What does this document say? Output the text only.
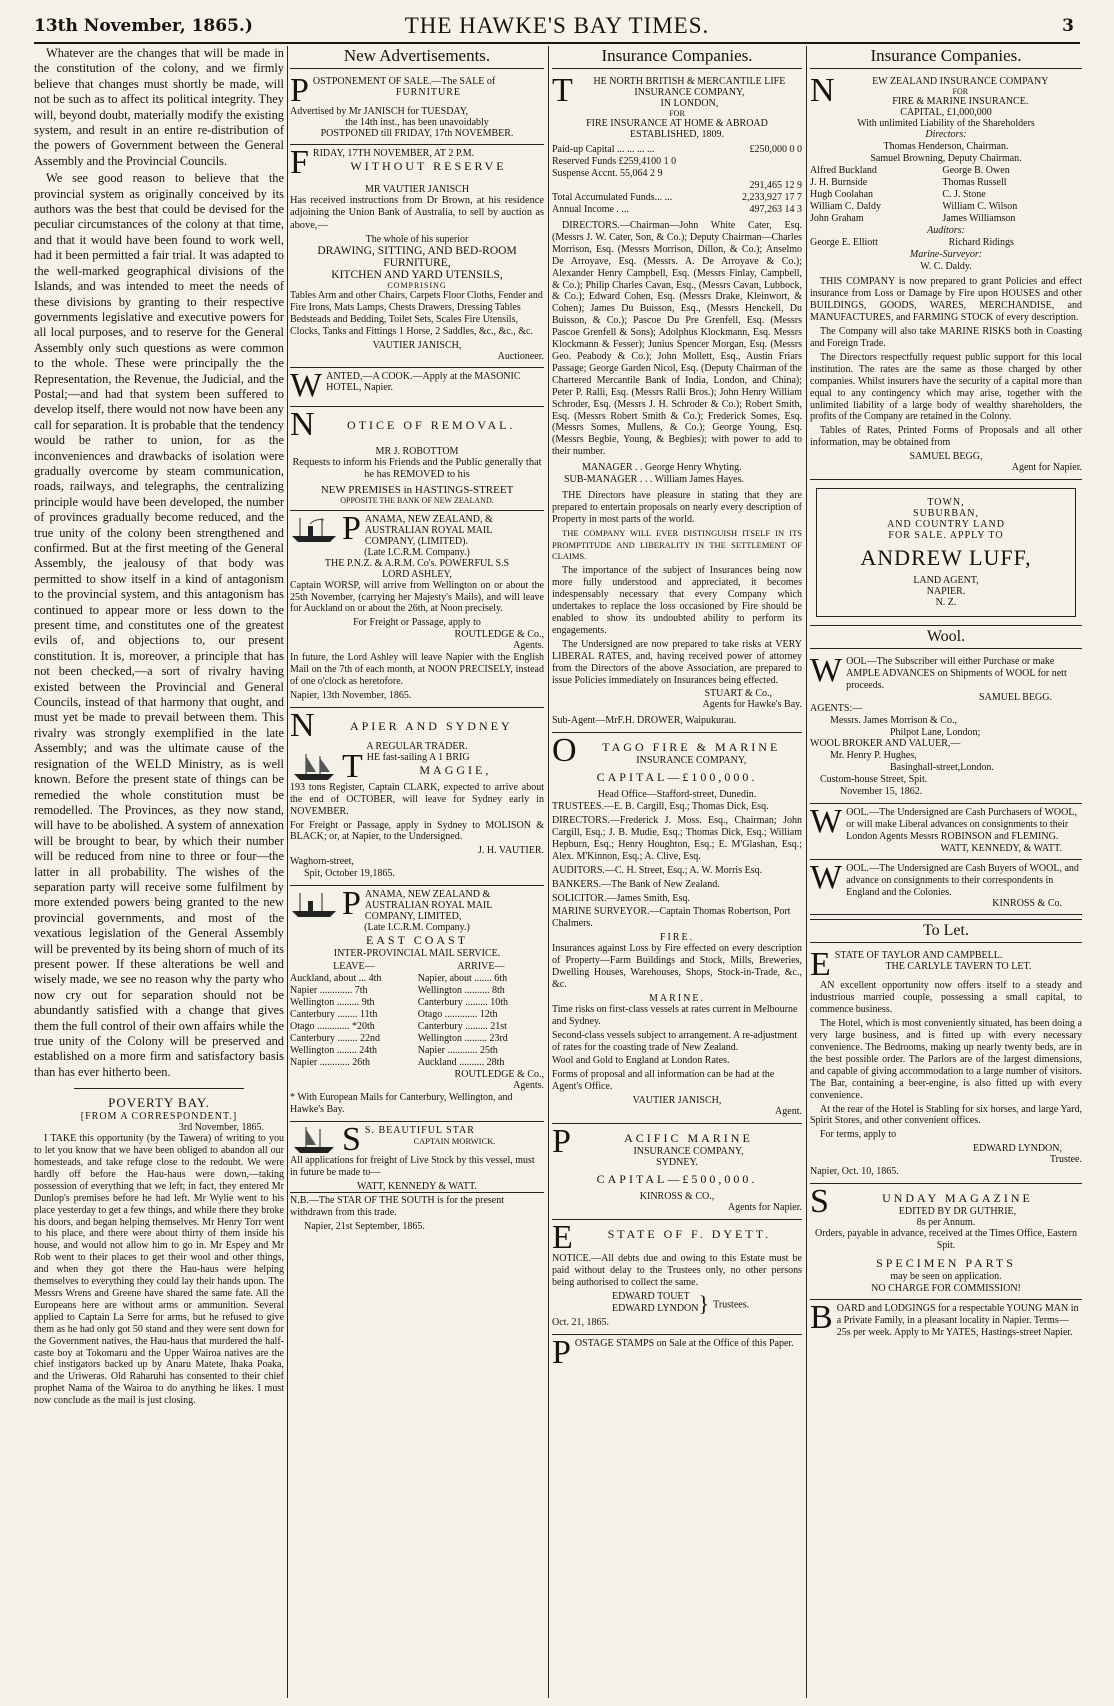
13th November, 1865.)	THE HAWKE'S BAY TIMES.	3

Whatever are the changes that will be made in the constitution of the colony, and we firmly believe that changes must shortly be made, will not be such as to affect its political integrity. They will, beyond doubt, materially modify the existing system, and result in an entire re-distribution of the powers of Government between the General Assembly and the Provincial Councils.

We see good reason to believe that the provincial system as originally conceived by its authors was the best that could be devised for the peculiar circumstances of the colony at that time, and that it would have been found to work well, had it been permitted a fair trial. It was adapted to the well-marked geographical divisions of the Islands, and was intended to meet the needs of these divisions by granting to their respective governments legislative and executive powers for all local purposes, and to reserve for the General Assembly only such questions as were common to the whole. These were principally the the Representation, the Revenue, the Judicial, and the Postal;—and had that system been suffered to develop itself, there would not now have been any call for separation. It is probable that the tendency would be rather to union, for as the inconveniences and drawbacks of isolation were gradually overcome by steam communication, roads, railways, and telegraphs, the centralizing principle would have been developed, the number of provinces gradually become reduced, and the true unity of the colony been strengthened and confirmed. But at the first meeting of the General Assembly, the jealousy of that body was permitted to show itself in a kind of antagonism to the provincial system, and this antagonism has continued to appear more or less down to the present time, and constitutes one of the greatest evils of, and objections to, our present constitution. It is, moreover, a principle that has not been checked,—a sort of rivalry having existed between the Provincial and General Councils, instead of that harmony that ought, and must yet be made to prevail between them. This rivalry was strongly exemplified in the late Assembly; and was the ultimate cause of the resignation of the WELD Ministry, as is well known. Before the present state of things can be remedied the whole constitution must be remodelled. The Provinces, as they now stand, will have to be abolished. A system of annexation will be brought to bear, by which their number will be reduced from nine to three or four—the latter in all probability. The wishes of the separation party will receive some fulfilment by more extended powers being granted to the new provincial governments, and most of the vexatious legislation of the General Assembly will be prevented by its being shorn of much of its present power. If these alterations be well and wisely made, we see no reason why the party who now cry out for separation should not be abundantly satisfied with a change that gives them the full control of their own affairs while the true unity of the Colony will be preserved and established on a more firm and satisfactory basis than has ever hitherto been.

POVERTY BAY.
[FROM A CORRESPONDENT.]
3rd November, 1865.

I TAKE this opportunity (by the Tawera) of writing to you to let you know that we have been obliged to abandon all our homesteads, and take refuge close to the redoubt. We were hardly off before the Hau-haus were down,—taking possession of everything that we left; in fact, they entered Mr Dunlop's premises before he had left. Mr Wylie went to his place yesterday to get a few things, and while there they broke his doors, and began helping themselves. Mr Henry Torr went to his place, and there were about thirty of them inside his house, and would not allow him to go in. Mr Espey and Mr Rob went to their places to get their wool and other things, and when they got there the Hau-haus were helping themselves to everything they could lay their hands upon. The Messrs Wrens and Greene have shared the same fate. All the Europeans here are without arms or ammunition. Several applied to Captain La Serre for arms, but he refused to give them as he had only got 50 stand and they were sent down for the Government natives, the Hau-haus that murdered the half-caste boy at Tokomaru and the Upper Wairoa natives are the chief instigators backed up by Anaru Matete, Ihaka Poaka, and the Uriweras. Old Raharuhi has consented to their chief prophet Nama of the Wairoa to do anything he likes. I must now conclude as the mail is just closing.

New Advertisements.
P OSTPONEMENT OF SALE.—The SALE of
FURNITURE
Advertised by Mr JANISCH for TUESDAY,
the 14th inst., has been unavoidably
POSTPONED till FRIDAY, 17th NOVEMBER.
F RIDAY, 17TH NOVEMBER, AT 2 P.M.
WITHOUT RESERVE
MR VAUTIER JANISCH

Has received instructions from Dr Brown, at his residence adjoining the Union Bank of Australia, to sell by auction as above,—

The whole of his superior
DRAWING, SITTING, AND BED-ROOM FURNITURE,
KITCHEN AND YARD UTENSILS,
COMPRISING

Tables Arm and other Chairs, Carpets Floor Cloths, Fender and Fire Irons, Mats Lamps, Chests Drawers, Dressing Tables Bedsteads and Bedding, Toilet Sets, Scales Fire Utensils, Clocks, Tanks and Fittings 1 Horse, 2 Saddles, &c., &c., &c.

VAUTIER JANISCH,
Auctioneer.
W ANTED,—A COOK.—Apply at the MASONIC HOTEL, Napier.
N	OTICE OF REMOVAL.
MR J. ROBOTTOM

Requests to inform his Friends and the Public generally that he has REMOVED to his

NEW PREMISES in HASTINGS-STREET
OPPOSITE THE BANK OF NEW ZEALAND.
P ANAMA, NEW ZEALAND, & AUSTRALIAN ROYAL MAIL COMPANY, (LIMITED).
(Late I.C.R.M. Company.)
THE P.N.Z. & A.R.M. Co's. POWERFUL S.S
LORD ASHLEY,

Captain WORSP, will arrive from Wellington on or about the 25th November, (carrying her Majesty's Mails), and will leave for Auckland on or about the 26th, at Noon precisely.

For Freight or Passage, apply to
ROUTLEDGE & Co.,
Agents.

In future, the Lord Ashley will leave Napier with the English Mail on the 7th of each month, at NOON PRECISELY, instead of one o'clock as heretofore.

Napier, 13th November, 1865.
N	APIER AND SYDNEY
A REGULAR TRADER.
T HE fast-sailing A 1 BRIG
MAGGIE,

193 tons Register, Captain CLARK, expected to arrive about the end of OCTOBER, will leave for Sydney early in NOVEMBER.

For Freight or Passage, apply in Sydney to MOLISON & BLACK; or, at Napier, to the Undersigned.

J. H. VAUTIER.
Waghorn-street,
Spit, October 19,1865.
P ANAMA, NEW ZEALAND & AUSTRALIAN ROYAL MAIL COMPANY, LIMITED,
(Late I.C.R.M. Company.)
EAST COAST
INTER-PROVINCIAL MAIL SERVICE.
LEAVE—	ARRIVE—
Auckland, about ... 4th	Napier, about ....... 6th
Napier ............. 7th	Wellington .......... 8th
Wellington ......... 9th	Canterbury ......... 10th
Canterbury ........ 11th	Otago ............. 12th
Otago ............. *20th	Canterbury ......... 21st
Canterbury ........ 22nd	Wellington ......... 23rd
Wellington ........ 24th	Napier ............ 25th
Napier ............ 26th	Auckland .......... 28th
ROUTLEDGE & Co.,
Agents.
* With European Mails for Canterbury, Wellington, and Hawke's Bay.
S S. BEAUTIFUL STAR
CAPTAIN MORWICK.

All applications for freight of Live Stock by this vessel, must in future be made to—

WATT, KENNEDY & WATT.

N.B.—The STAR OF THE SOUTH is for the present withdrawn from this trade.

Napier, 21st September, 1865.
Insurance Companies.
T	HE NORTH BRITISH & MERCANTILE LIFE INSURANCE COMPANY,
IN LONDON,
FOR
FIRE INSURANCE AT HOME & ABROAD
ESTABLISHED, 1809.
Paid-up Capital ... ... ... ...	£250,000 0 0
Reserved Funds £259,4100 1 0	
Suspense Accnt. 55,064 2 9	
	291,465 12 9
Total Accumulated Funds... ...	2,233,927 17 7
Annual Income . ...	497,263 14 3

DIRECTORS.—Chairman—John White Cater, Esq. (Messrs J. W. Cater, Son, & Co.); Deputy Chairman—Charles Morrison, Esq. (Messrs Morrison, Dillon, & Co.); Anselmo De Arroyave, Esq. (Messrs. A. De Arroyave & Co.); Alexander Henry Campbell, Esq. (Messrs Finlay, Campbell, & Co.); Philip Charles Cavan, Esq., (Messrs Cavan, Lubbock, & Co.); Edward Cohen, Esq. (Messrs Drake, Kleinwort, & Cohen); James Du Buisson, Esq., (Messrs Henckell, Du Buisson, & Co.); Pascoe Du Pre Grenfell, Esq. (Messrs Pascoe Grenfell & Sons); Adolphus Klockmann, Esq. Messrs Klockmann & Fesser); Junius Spencer Morgan, Esq. (Messrs Geo. Peabody & Co.); John Mollett, Esq., Austin Friars Passage; George Garden Nicol, Esq. (Deputy Chairman of the Chartered Mercantile Bank of India, London, and China); Peter P. Ralli, Esq. (Messrs Ralli Bros.); John Henry William Schroder, Esq. (Messrs J. H. Schroder & Co.); Robert Smith, Esq. (Messrs Robert Smith & Co.); Frederick Somes, Esq. (Messrs Somes, Mullens, & Co.); George Young, Esq. (Messrs Begbie, Young, & Begbies); with power to add to their number.

MANAGER . . George Henry Whyting.
SUB-MANAGER . . . William James Hayes.

THE Directors have pleasure in stating that they are prepared to entertain proposals on nearly every description of Property in most parts of the world.

THE COMPANY WILL EVER DISTINGUISH ITSELF IN ITS PROMPTITUDE AND LIBERALITY IN THE SETTLEMENT OF CLAIMS.

The importance of the subject of Insurances being now more fully understood and appreciated, it becomes indespensably necessary that every Company which undertakes to replace the loss occasioned by Fire should be enabled to show its undoubted ability to perform its engagements.

The Undersigned are now prepared to take risks at VERY LIBERAL RATES, and, having received power of attorney from the Directors of the above Association, are prepared to issue Policies immediately on Insurances being effected.

STUART & Co.,
Agents for Hawke's Bay.
Sub-Agent—MrF.H. DROWER, Waipukurau.
O	TAGO FIRE & MARINE
INSURANCE COMPANY,
CAPITAL—£100,000.
Head Office—Stafford-street, Dunedin.

TRUSTEES.—E. B. Cargill, Esq.; Thomas Dick, Esq.

DIRECTORS.—Frederick J. Moss. Esq., Chairman; John Cargill, Esq.; J. B. Mudie, Esq.; Thomas Dick, Esq.; William Hepburn, Esq.; Henry Houghton, Esq.; E. M'Glashan, Esq.; Alex. M'Kinnon, Esq.; A. Clive, Esq.

AUDITORS.—C. H. Street, Esq.; A. W. Morris Esq.

BANKERS.—The Bank of New Zealand.

SOLICITOR.—James Smith, Esq.

MARINE SURVEYOR.—Captain Thomas Robertson, Port Chalmers.

FIRE.

Insurances against Loss by Fire effected on every description of Property—Farm Buildings and Stock, Mills, Breweries, Dwelling Houses, Warehouses, Shops, Stock-in-Trade, &c., &c.

MARINE.

Time risks on first-class vessels at rates current in Melbourne and Sydney.

Second-class vessels subject to arrangement. A re-adjustment of rates for the coasting trade of New Zealand.

Wool and Gold to England at London Rates.

Forms of proposal and all information can be had at the Agent's Office.

VAUTIER JANISCH,
Agent.
P	ACIFIC MARINE
INSURANCE COMPANY,
SYDNEY.
CAPITAL—£500,000.
KINROSS & CO.,
Agents for Napier.
E	STATE OF F. DYETT.

NOTICE.—All debts due and owing to this Estate must be paid without delay to the Trustees only, no other persons being authorised to collect the same.

EDWARD TOUET
EDWARD LYNDON	} Trustees.
Oct. 21, 1865.
P OSTAGE STAMPS on Sale at the Office of this Paper.
Insurance Companies.
N	EW ZEALAND INSURANCE COMPANY
FOR
FIRE & MARINE INSURANCE.
CAPITAL, £1,000,000
With unlimited Liability of the Shareholders
Directors:
Thomas Henderson, Chairman.
Samuel Browning, Deputy Chairman.
Alfred Buckland	George B. Owen
J. H. Burnside	Thomas Russell
Hugh Coolahan	C. J. Stone
William C. Daldy	William C. Wilson
John Graham	James Williamson
Auditors:
George E. Elliott	Richard Ridings
Marine-Surveyor:
W. C. Daldy.

THIS COMPANY is now prepared to grant Policies and effect insurance from Loss or Damage by Fire upon HOUSES and other BUILDINGS, GOODS, WARES, MERCHANDISE, and MANUFACTURES, and FARMING STOCK of every description.

The Company will also take MARINE RISKS both in Coasting and Foreign Trade.

The Directors respectfully request public support for this local institution. The rates are the same as those charged by other companies. Whilst insurers have the security of a capital more than equal to any contingency which may arise, together with the unlimited liability of a large body of wealthy shareholders, the profits of the Company are retained in the Colony.

Tables of Rates, Printed Forms of Proposals and all other information, may be obtained from

SAMUEL BEGG,
Agent for Napier.
TOWN,
SUBURBAN,
AND COUNTRY LAND
FOR SALE. APPLY TO
ANDREW LUFF,
LAND AGENT,
NAPIER.
N. Z.
Wool.
W OOL—The Subscriber will either Purchase or make AMPLE ADVANCES on Shipments of WOOL for nett proceeds.
SAMUEL BEGG.
AGENTS:—
Messrs. James Morrison & Co.,
Philpot Lane, London;
WOOL BROKER AND VALUER,—
Mr. Henry P. Hughes,
Basinghall-street,London.
Custom-house Street, Spit.
November 15, 1862.
W OOL.—The Undersigned are Cash Purchasers of WOOL, or will make Liberal advances on consignments to their London Agents Messrs ROBINSON and FLEMING.
WATT, KENNEDY, & WATT.
W OOL.—The Undersigned are Cash Buyers of WOOL, and advance on consignments to their correspondents in England and the Colonies.
KINROSS & Co.
To Let.
E STATE OF TAYLOR AND CAMPBELL.
THE CARLYLE TAVERN TO LET.

AN excellent opportunity now offers itself to a steady and industrious married couple, possessing a small capital, to commence business.

The Hotel, which is most conveniently situated, has been doing a very large business, and is fitted up with every necessary convenience. The Bedrooms, making up nearly twenty beds, are in the best possible order. The Parlors are of the largest dimensions, and capable of giving accommodation to a large number of visitors. The Bar, containing a beer-engine, is also fitted up with every convenience.

At the rear of the Hotel is Stabling for six horses, and large Yard, Spirit Stores, and other convenient offices.

For terms, apply to

EDWARD LYNDON,
Trustee.
Napier, Oct. 10, 1865.
S	UNDAY MAGAZINE
EDITED BY DR GUTHRIE,
8s per Annum.
Orders, payable in advance, received at the Times Office, Eastern Spit.
SPECIMEN PARTS
may be seen on application.
NO CHARGE FOR COMMISSION!
B OARD and LODGINGS for a respectable YOUNG MAN in a Private Family, in a pleasant locality in Napier. Terms—25s per week. Apply to Mr YATES, Hastings-street Napier.
